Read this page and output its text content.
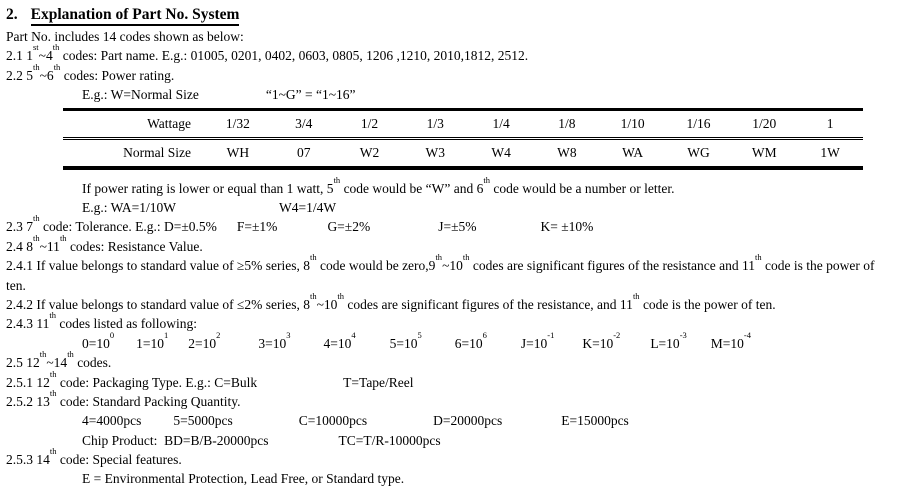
2. Explanation of Part No. System
Part No. includes 14 codes shown as below:
2.1 1st~4th codes: Part name. E.g.: 01005, 0201, 0402, 0603, 0805, 1206 ,1210, 2010,1812, 2512.
2.2 5th~6th codes: Power rating.
E.g.: W=Normal Size	“1~G” = “1~16”
Wattage	1/32	3/4	1/2	1/3	1/4	1/8	1/10	1/16	1/20	1
Normal Size	WH	07	W2	W3	W4	W8	WA	WG	WM	1W
If power rating is lower or equal than 1 watt, 5th code would be “W” and 6th code would be a number or letter.
E.g.: WA=1/10W	W4=1/4W
2.3 7th code: Tolerance. E.g.: D=±0.5% F=±1%	G=±2%	J=±5%	K= ±10%
2.4 8th~11th codes: Resistance Value.
2.4.1 If value belongs to standard value of ≥5% series, 8th code would be zero,9th~10th codes are significant figures of the resistance and 11th code is the power of ten.
2.4.2 If value belongs to standard value of ≤2% series, 8th~10th codes are significant figures of the resistance, and 11th code is the power of ten.
2.4.3 11th codes listed as following:
$0=10^01=10^12=10^23=10^34=10^45=10^56=10^6J=10^{-1}K=10^{-2}L=10^{-3}M=10^{-4}$
2.5 12th~14th codes.
2.5.1 12th code: Packaging Type. E.g.: C=Bulk	T=Tape/Reel
2.5.2 13th code: Standard Packing Quantity.
4=4000pcs 5=5000pcs	C=10000pcs	D=20000pcs	E=15000pcs
Chip Product:  BD=B/B-20000pcs	TC=T/R-10000pcs
2.5.3 14th code: Special features.
E = Environmental Protection, Lead Free, or Standard type.
